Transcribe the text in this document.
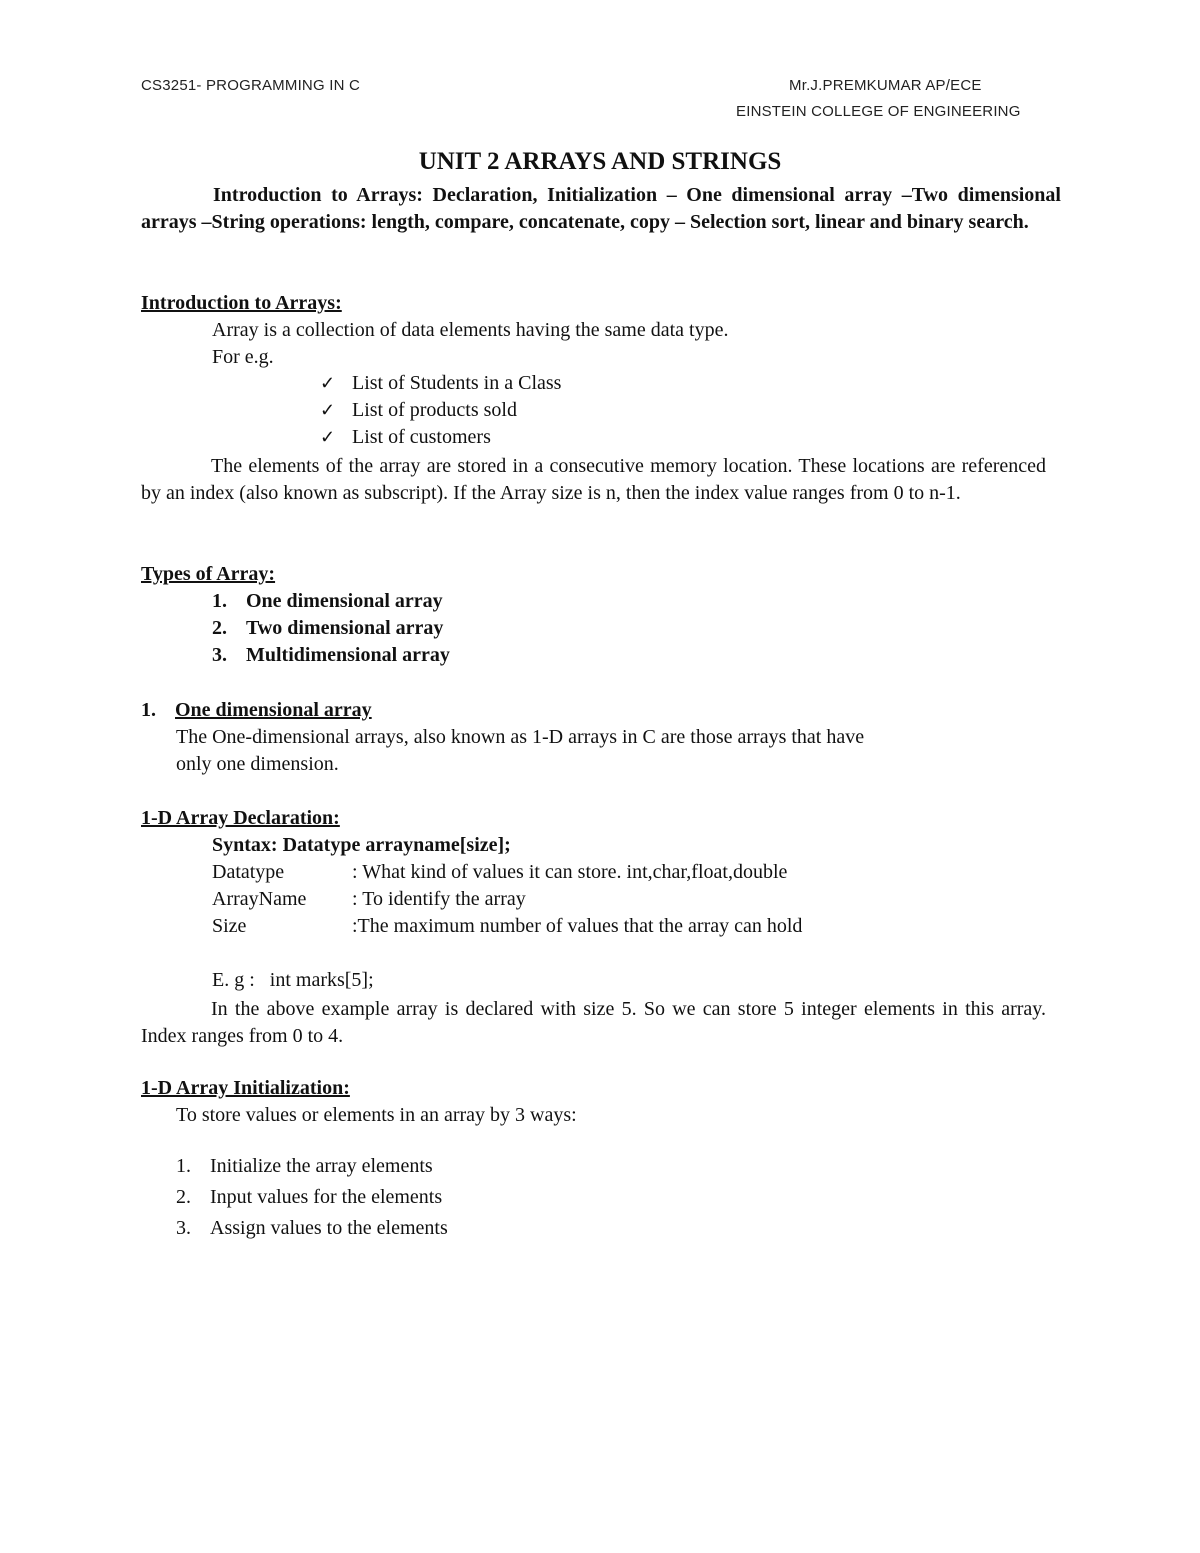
CS3251- PROGRAMMING IN C	Mr.J.PREMKUMAR AP/ECE
EINSTEIN COLLEGE OF ENGINEERING
UNIT 2 ARRAYS AND STRINGS
Introduction to Arrays: Declaration, Initialization – One dimensional array –Two dimensional arrays –String operations: length, compare, concatenate, copy – Selection sort, linear and binary search.
Introduction to Arrays:
Array is a collection of data elements having the same data type.
For e.g.
✓ List of Students in a Class
✓ List of products sold
✓ List of customers
The elements of the array are stored in a consecutive memory location. These locations are referenced by an index (also known as subscript). If the Array size is n, then the index value ranges from 0 to n-1.
Types of Array:
1. One dimensional array
2. Two dimensional array
3. Multidimensional array
1. One dimensional array
The One-dimensional arrays, also known as 1-D arrays in C are those arrays that have
only one dimension.
1-D Array Declaration:
Syntax: Datatype arrayname[size];
Datatype	: What kind of values it can store. int,char,float,double
ArrayName : To identify the array
Size	:The maximum number of values that the array can hold
E. g :   int marks[5];
In the above example array is declared with size 5. So we can store 5 integer elements in this array. Index ranges from 0 to 4.
1-D Array Initialization:
To store values or elements in an array by 3 ways:
1. Initialize the array elements
2. Input values for the elements
3. Assign values to the elements
